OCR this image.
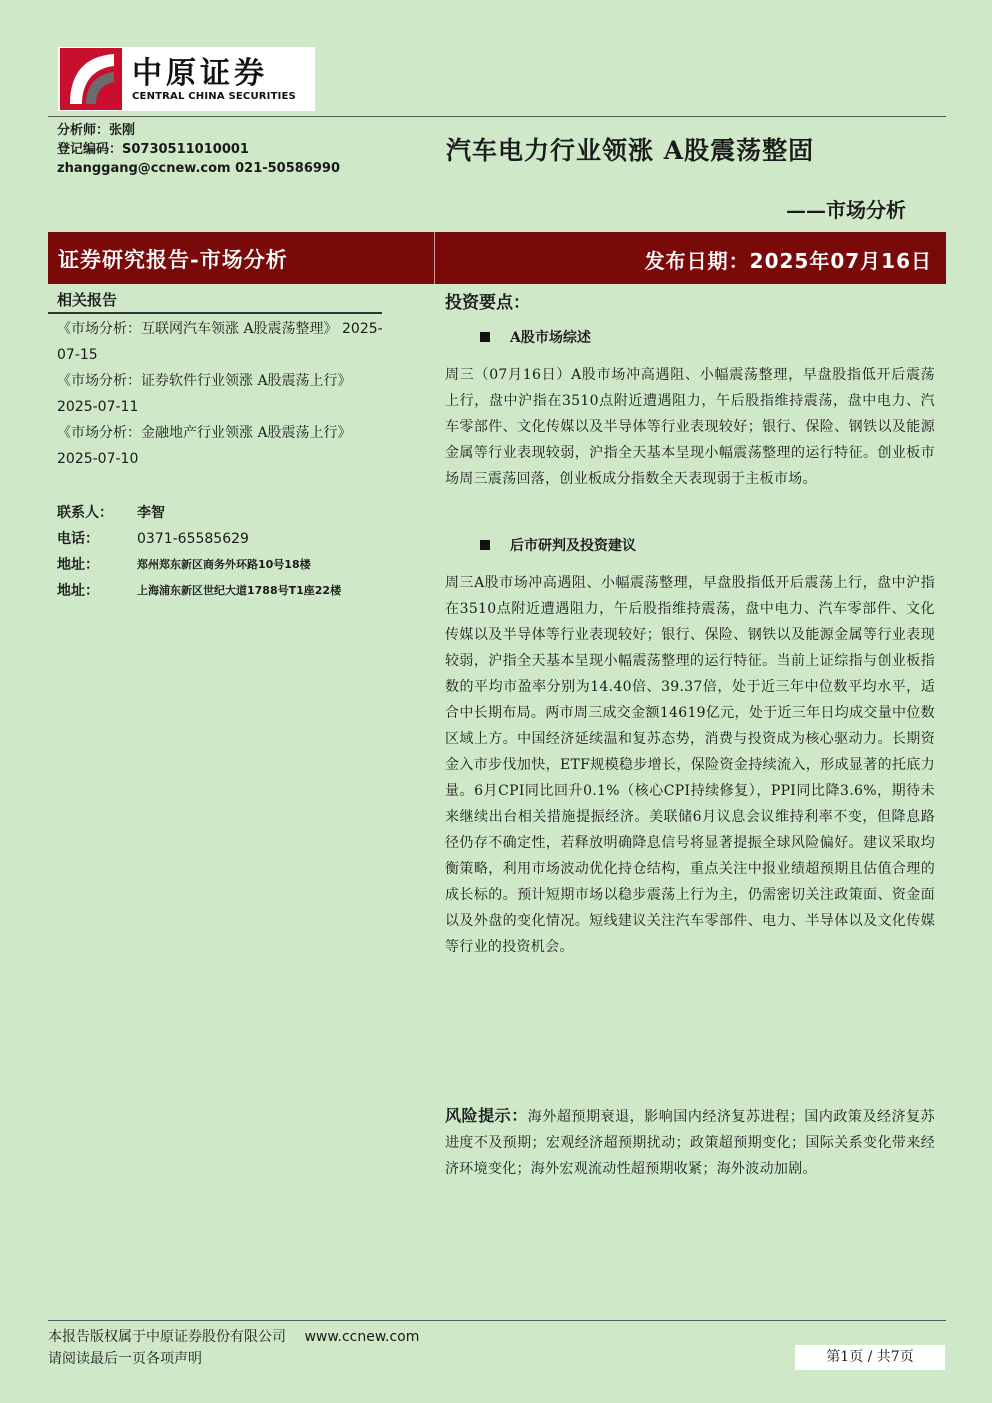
中原证券
CENTRAL CHINA SECURITIES
分析师：张刚
登记编码：S0730511010001
zhanggang@ccnew.com 021-50586990
汽车电力行业领涨 A股震荡整固
——市场分析
证券研究报告-市场分析	发布日期：2025年07月16日
相关报告
《市场分析：互联网汽车领涨 A股震荡整理》 2025-07-15
《市场分析：证券软件行业领涨 A股震荡上行》 2025-07-11
《市场分析：金融地产行业领涨 A股震荡上行》 2025-07-10
联系人：	李智
电话：	0371-65585629
地址：	郑州郑东新区商务外环路10号18楼
地址：	上海浦东新区世纪大道1788号T1座22楼
投资要点：
A股市场综述
周三（07月16日）A股市场冲高遇阻、小幅震荡整理，早盘股指低开后震荡上行，盘中沪指在3510点附近遭遇阻力，午后股指维持震荡，盘中电力、汽车零部件、文化传媒以及半导体等行业表现较好；银行、保险、钢铁以及能源金属等行业表现较弱，沪指全天基本呈现小幅震荡整理的运行特征。创业板市场周三震荡回落，创业板成分指数全天表现弱于主板市场。
后市研判及投资建议
周三A股市场冲高遇阻、小幅震荡整理，早盘股指低开后震荡上行，盘中沪指在3510点附近遭遇阻力，午后股指维持震荡，盘中电力、汽车零部件、文化传媒以及半导体等行业表现较好；银行、保险、钢铁以及能源金属等行业表现较弱，沪指全天基本呈现小幅震荡整理的运行特征。当前上证综指与创业板指数的平均市盈率分别为14.40倍、39.37倍，处于近三年中位数平均水平，适合中长期布局。两市周三成交金额14619亿元，处于近三年日均成交量中位数区域上方。中国经济延续温和复苏态势，消费与投资成为核心驱动力。长期资金入市步伐加快，ETF规模稳步增长，保险资金持续流入，形成显著的托底力量。6月CPI同比回升0.1%（核心CPI持续修复），PPI同比降3.6%，期待未来继续出台相关措施提振经济。美联储6月议息会议维持利率不变，但降息路径仍存不确定性，若释放明确降息信号将显著提振全球风险偏好。建议采取均衡策略，利用市场波动优化持仓结构，重点关注中报业绩超预期且估值合理的成长标的。预计短期市场以稳步震荡上行为主，仍需密切关注政策面、资金面以及外盘的变化情况。短线建议关注汽车零部件、电力、半导体以及文化传媒等行业的投资机会。
风险提示：海外超预期衰退，影响国内经济复苏进程；国内政策及经济复苏进度不及预期；宏观经济超预期扰动；政策超预期变化；国际关系变化带来经济环境变化；海外宏观流动性超预期收紧；海外波动加剧。
本报告版权属于中原证券股份有限公司 www.ccnew.com
请阅读最后一页各项声明	第1页 / 共7页
